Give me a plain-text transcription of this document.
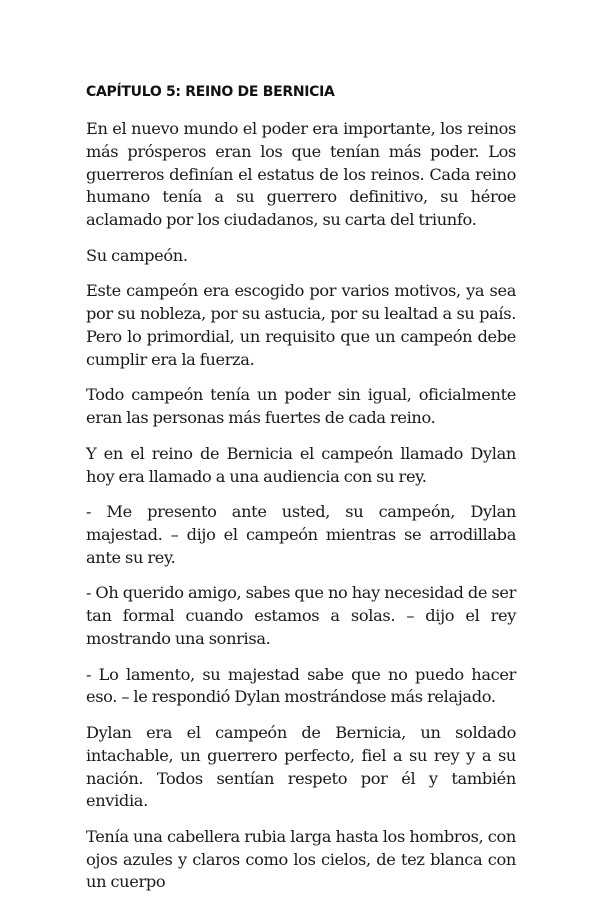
CAPÍTULO 5: REINO DE BERNICIA

En el nuevo mundo el poder era importante, los reinos más prósperos eran los que tenían más poder. Los guerreros definían el estatus de los reinos. Cada reino humano tenía a su guerrero definitivo, su héroe aclamado por los ciudadanos, su carta del triunfo.

Su campeón.

Este campeón era escogido por varios motivos, ya sea por su nobleza, por su astucia, por su lealtad a su país. Pero lo primordial, un requisito que un campeón debe cumplir era la fuerza.

Todo campeón tenía un poder sin igual, oficialmente eran las personas más fuertes de cada reino.

Y en el reino de Bernicia el campeón llamado Dylan hoy era llamado a una audiencia con su rey.

- Me presento ante usted, su campeón, Dylan majestad. – dijo el campeón mientras se arrodillaba ante su rey.

- Oh querido amigo, sabes que no hay necesidad de ser tan formal cuando estamos a solas. – dijo el rey mostrando una sonrisa.

- Lo lamento, su majestad sabe que no puedo hacer eso. – le respondió Dylan mostrándose más relajado.

Dylan era el campeón de Bernicia, un soldado intachable, un guerrero perfecto, fiel a su rey y a su nación. Todos sentían respeto por él y también envidia.

Tenía una cabellera rubia larga hasta los hombros, con ojos azules y claros como los cielos, de tez blanca con un cuerpo
